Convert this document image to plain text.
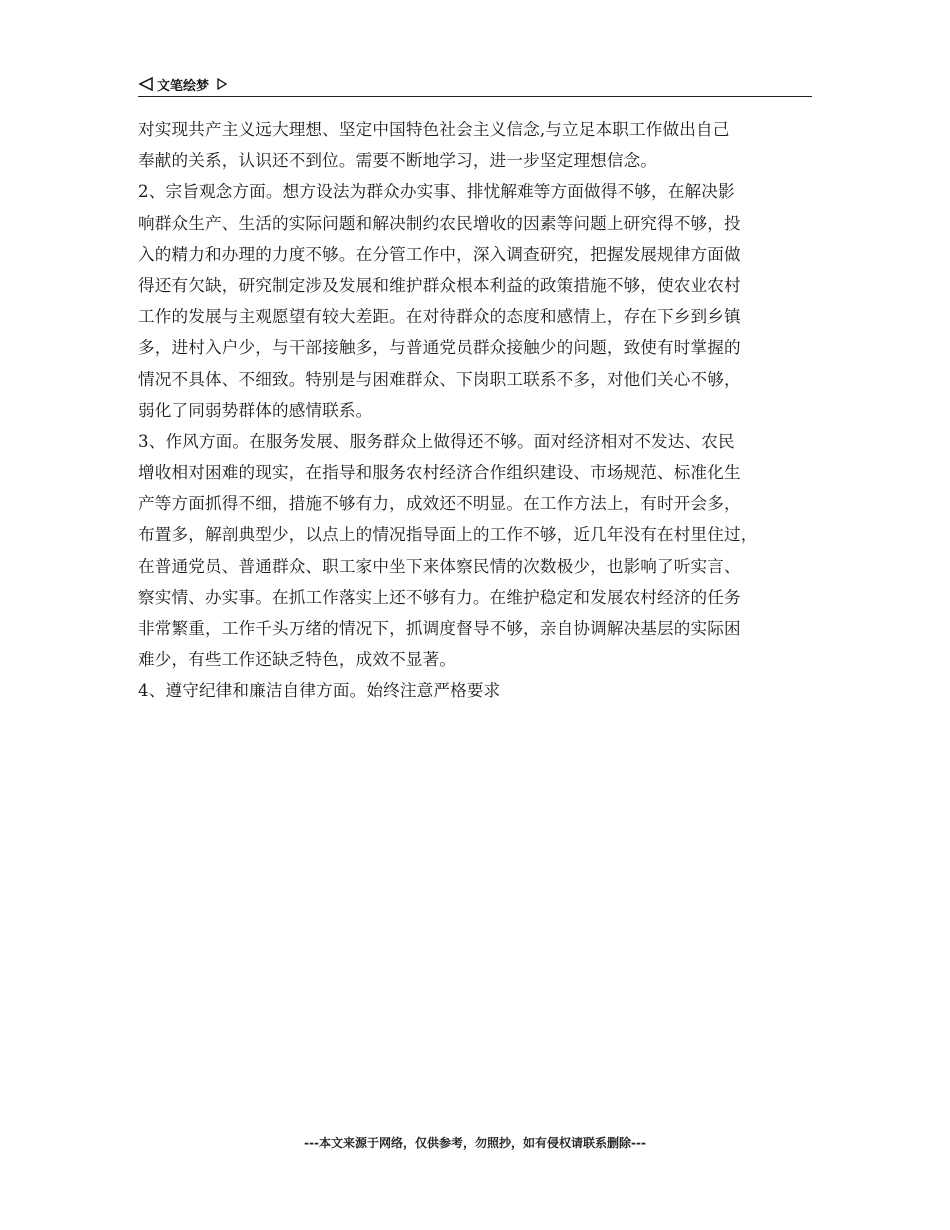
文笔绘梦
对实现共产主义远大理想、坚定中国特色社会主义信念,与立足本职工作做出自己
奉献的关系，认识还不到位。需要不断地学习，进一步坚定理想信念。
2、宗旨观念方面。想方设法为群众办实事、排忧解难等方面做得不够，在解决影
响群众生产、生活的实际问题和解决制约农民增收的因素等问题上研究得不够，投
入的精力和办理的力度不够。在分管工作中，深入调查研究，把握发展规律方面做
得还有欠缺，研究制定涉及发展和维护群众根本利益的政策措施不够，使农业农村
工作的发展与主观愿望有较大差距。在对待群众的态度和感情上，存在下乡到乡镇
多，进村入户少，与干部接触多，与普通党员群众接触少的问题，致使有时掌握的
情况不具体、不细致。特别是与困难群众、下岗职工联系不多，对他们关心不够，
弱化了同弱势群体的感情联系。
3、作风方面。在服务发展、服务群众上做得还不够。面对经济相对不发达、农民
增收相对困难的现实，在指导和服务农村经济合作组织建设、市场规范、标准化生
产等方面抓得不细，措施不够有力，成效还不明显。在工作方法上，有时开会多，
布置多，解剖典型少，以点上的情况指导面上的工作不够，近几年没有在村里住过，
在普通党员、普通群众、职工家中坐下来体察民情的次数极少，也影响了听实言、
察实情、办实事。在抓工作落实上还不够有力。在维护稳定和发展农村经济的任务
非常繁重，工作千头万绪的情况下，抓调度督导不够，亲自协调解决基层的实际困
难少，有些工作还缺乏特色，成效不显著。
4、遵守纪律和廉洁自律方面。始终注意严格要求
---本文来源于网络，仅供参考，勿照抄，如有侵权请联系删除---
